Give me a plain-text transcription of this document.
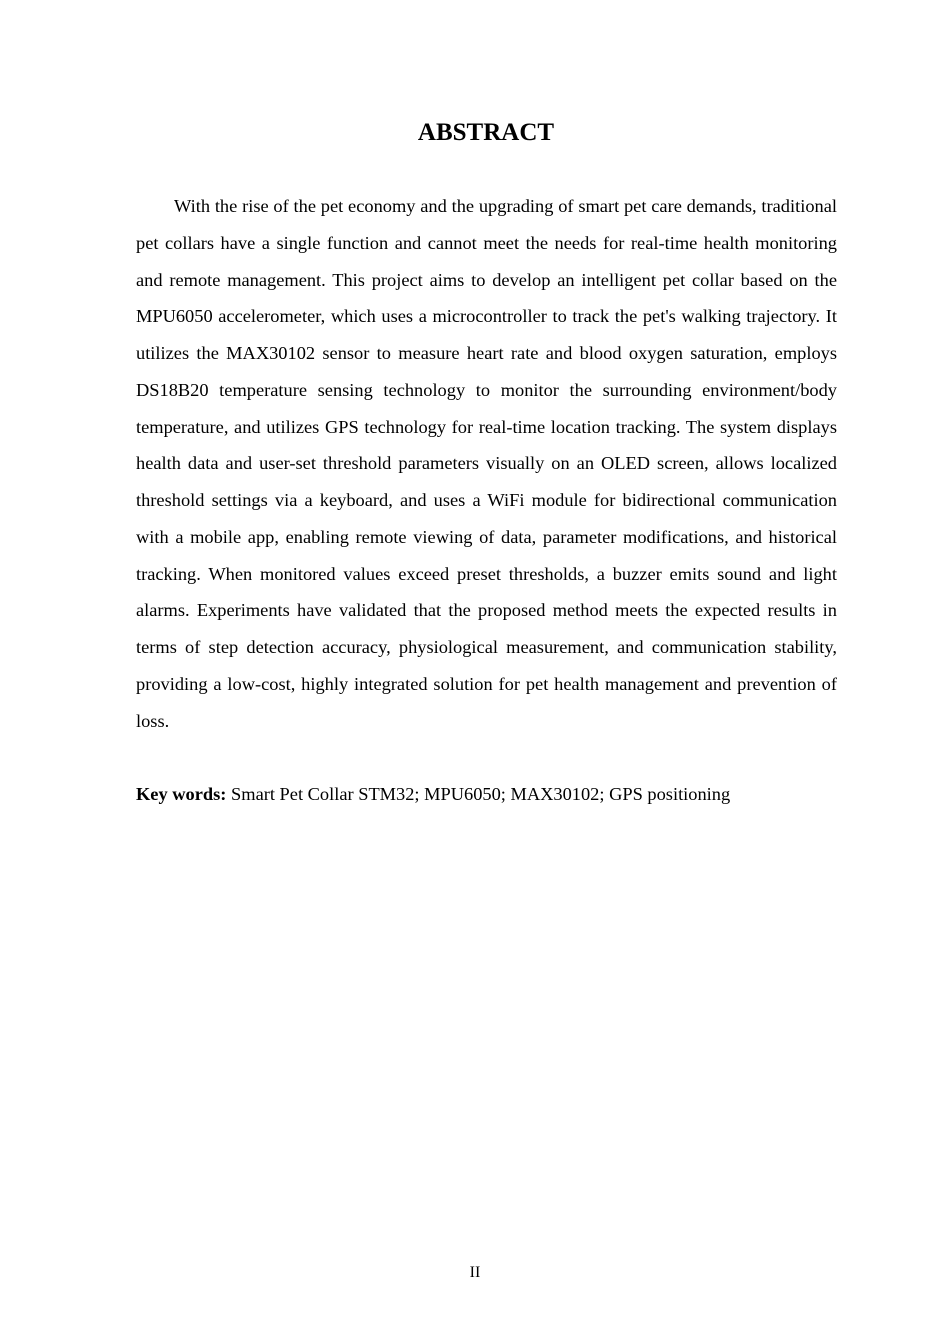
ABSTRACT

With the rise of the pet economy and the upgrading of smart pet care demands, traditional pet collars have a single function and cannot meet the needs for real-time health monitoring and remote management. This project aims to develop an intelligent pet collar based on the MPU6050 accelerometer, which uses a microcontroller to track the pet's walking trajectory. It utilizes the MAX30102 sensor to measure heart rate and blood oxygen saturation, employs DS18B20 temperature sensing technology to monitor the surrounding environment/body temperature, and utilizes GPS technology for real-time location tracking. The system displays health data and user-set threshold parameters visually on an OLED screen, allows localized threshold settings via a keyboard, and uses a WiFi module for bidirectional communication with a mobile app, enabling remote viewing of data, parameter modifications, and historical tracking. When monitored values exceed preset thresholds, a buzzer emits sound and light alarms. Experiments have validated that the proposed method meets the expected results in terms of step detection accuracy, physiological measurement, and communication stability, providing a low-cost, highly integrated solution for pet health management and prevention of loss.

Key words: Smart Pet Collar STM32; MPU6050; MAX30102; GPS positioning

II
